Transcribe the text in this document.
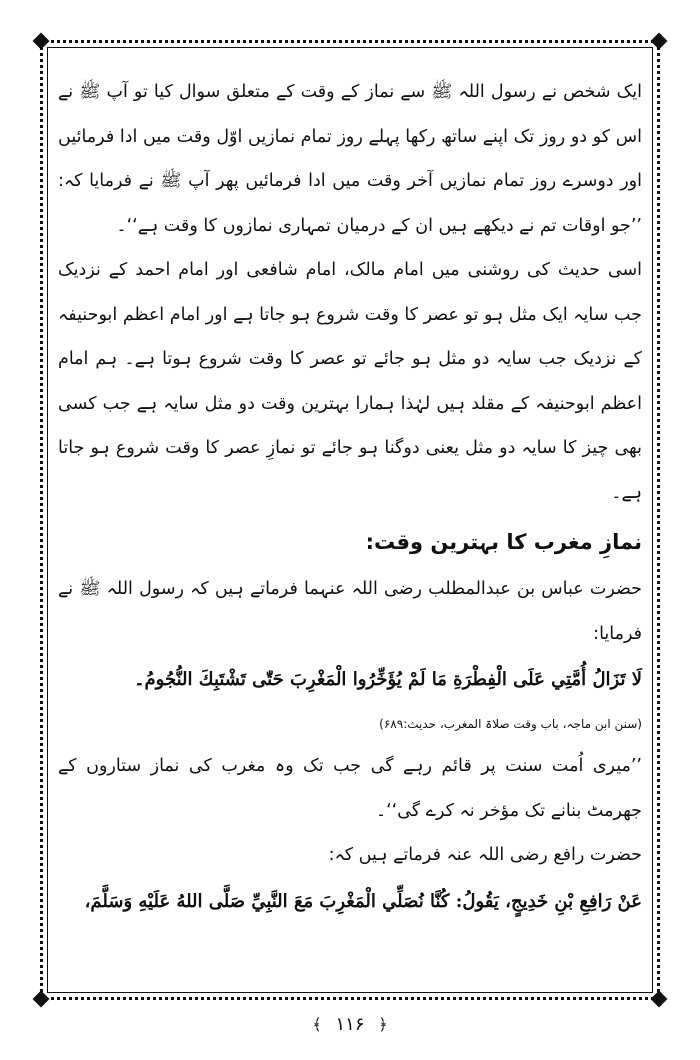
ایک شخص نے رسول اللہ ﷺ سے نماز کے وقت کے متعلق سوال کیا تو آپ ﷺ نے اس کو دو روز تک اپنے ساتھ رکھا پہلے روز تمام نمازیں اوّل وقت میں ادا فرمائیں اور دوسرے روز تمام نمازیں آخر وقت میں ادا فرمائیں پھر آپ ﷺ نے فرمایا کہ: ’’جو اوقات تم نے دیکھے ہیں ان کے درمیان تمہاری نمازوں کا وقت ہے‘‘۔

اسی حدیث کی روشنی میں امام مالک، امام شافعی اور امام احمد کے نزدیک جب سایہ ایک مثل ہو تو عصر کا وقت شروع ہو جاتا ہے اور امام اعظم ابوحنیفہ کے نزدیک جب سایہ دو مثل ہو جائے تو عصر کا وقت شروع ہوتا ہے۔ ہم امام اعظم ابوحنیفہ کے مقلد ہیں لہٰذا ہمارا بہترین وقت دو مثل سایہ ہے جب کسی بھی چیز کا سایہ دو مثل یعنی دوگنا ہو جائے تو نمازِ عصر کا وقت شروع ہو جاتا ہے۔

نمازِ مغرب کا بہترین وقت:

حضرت عباس بن عبدالمطلب رضی اللہ عنہما فرماتے ہیں کہ رسول اللہ ﷺ نے فرمایا:

لَا تَزَالُ أُمَّتِي عَلَى الْفِطْرَةِ مَا لَمْ يُؤَخِّرُوا الْمَغْرِبَ حَتّٰى تَشْتَبِكَ النُّجُومُ۔

(سنن ابن ماجہ، باب وقت صلاۃ المغرب، حدیث:۶۸۹)

’’میری اُمت سنت پر قائم رہے گی جب تک وہ مغرب کی نماز ستاروں کے جھرمٹ بنانے تک مؤخر نہ کرے گی‘‘۔

حضرت رافع رضی اللہ عنہ فرماتے ہیں کہ:

عَنْ رَافِعِ بْنِ خَدِيجٍ، يَقُولُ: كُنَّا نُصَلِّي الْمَغْرِبَ مَعَ النَّبِيِّ صَلَّى اللهُ عَلَيْهِ وَسَلَّمَ،

﴿ ۱۱۶ ﴾
